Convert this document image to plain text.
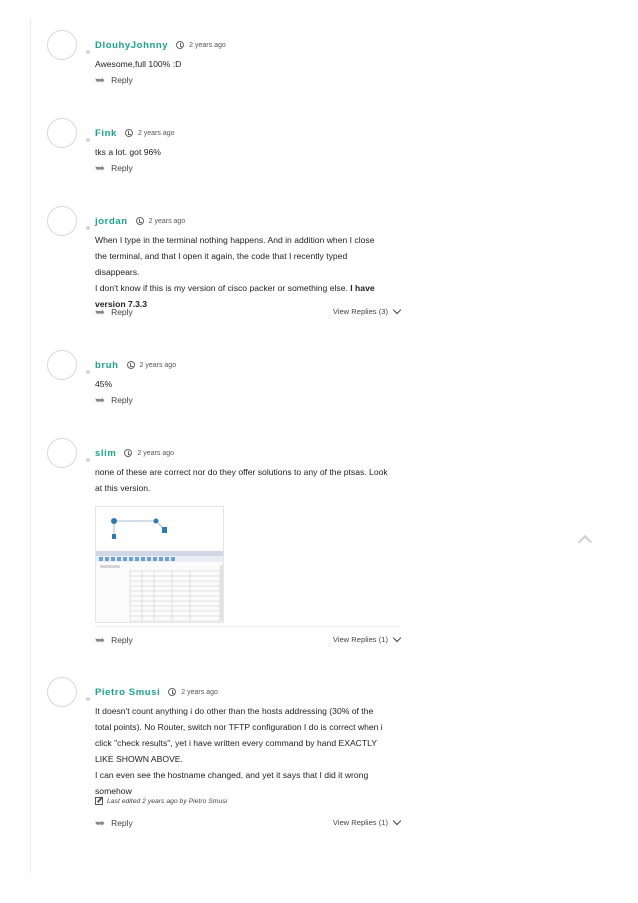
DlouhyJohnny	2 years ago

Awesome,full 100% :D

➥ Reply
Fink	2 years ago

tks a lot. got 96%

➥ Reply
jordan	2 years ago

When I type in the terminal nothing happens. And in addition when I close

the terminal, and that I open it again, the code that I recently typed

disappears.

I don't know if this is my version of cisco packer or something else. I have

version 7.3.3

➥ Reply	View Replies (3)
bruh	2 years ago

45%

➥ Reply
slim	2 years ago

none of these are correct nor do they offer solutions to any of the ptsas. Look

at this version.

➥ Reply	View Replies (1)
Pietro Smusi	2 years ago

It doesn't count anything i do other than the hosts addressing (30% of the

total points). No Router, switch nor TFTP configuration I do is correct when i

click "check results", yet i have written every command by hand EXACTLY

LIKE SHOWN ABOVE.

I can even see the hostname changed, and yet it says that I did it wrong

somehow

Last edited 2 years ago by Pietro Smusi
➥ Reply	View Replies (1)
